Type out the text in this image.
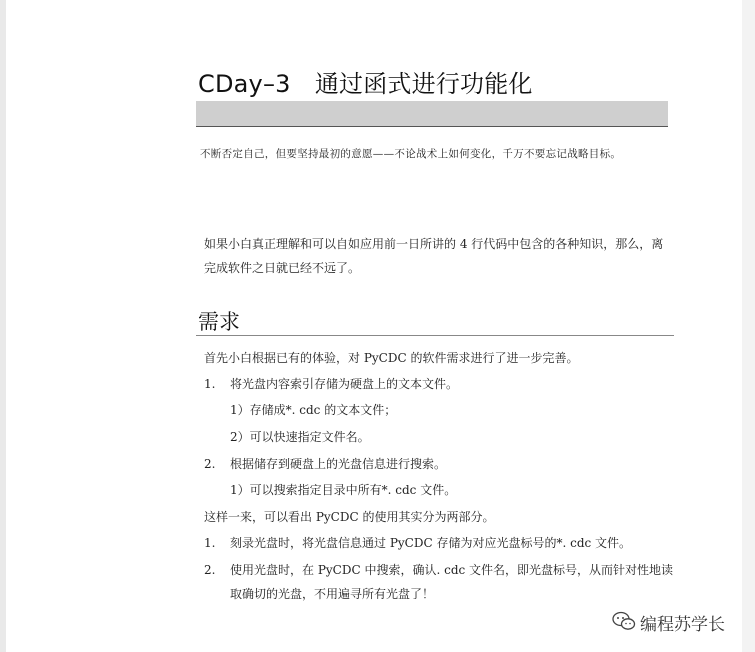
CDay–3　通过函式进行功能化
不断否定自己，但要坚持最初的意愿——不论战术上如何变化，千万不要忘记战略目标。
如果小白真正理解和可以自如应用前一日所讲的 4 行代码中包含的各种知识，那么，离
完成软件之日就已经不远了。
需求
首先小白根据已有的体验，对 PyCDC 的软件需求进行了进一步完善。
1. 将光盘内容索引存储为硬盘上的文本文件。
1）存储成*. cdc 的文本文件；
2）可以快速指定文件名。
2. 根据储存到硬盘上的光盘信息进行搜索。
1）可以搜索指定目录中所有*. cdc 文件。
这样一来，可以看出 PyCDC 的使用其实分为两部分。
1. 刻录光盘时，将光盘信息通过 PyCDC 存储为对应光盘标号的*. cdc 文件。
2. 使用光盘时，在 PyCDC 中搜索，确认. cdc 文件名，即光盘标号，从而针对性地读
取确切的光盘，不用遍寻所有光盘了！
编程苏学长
